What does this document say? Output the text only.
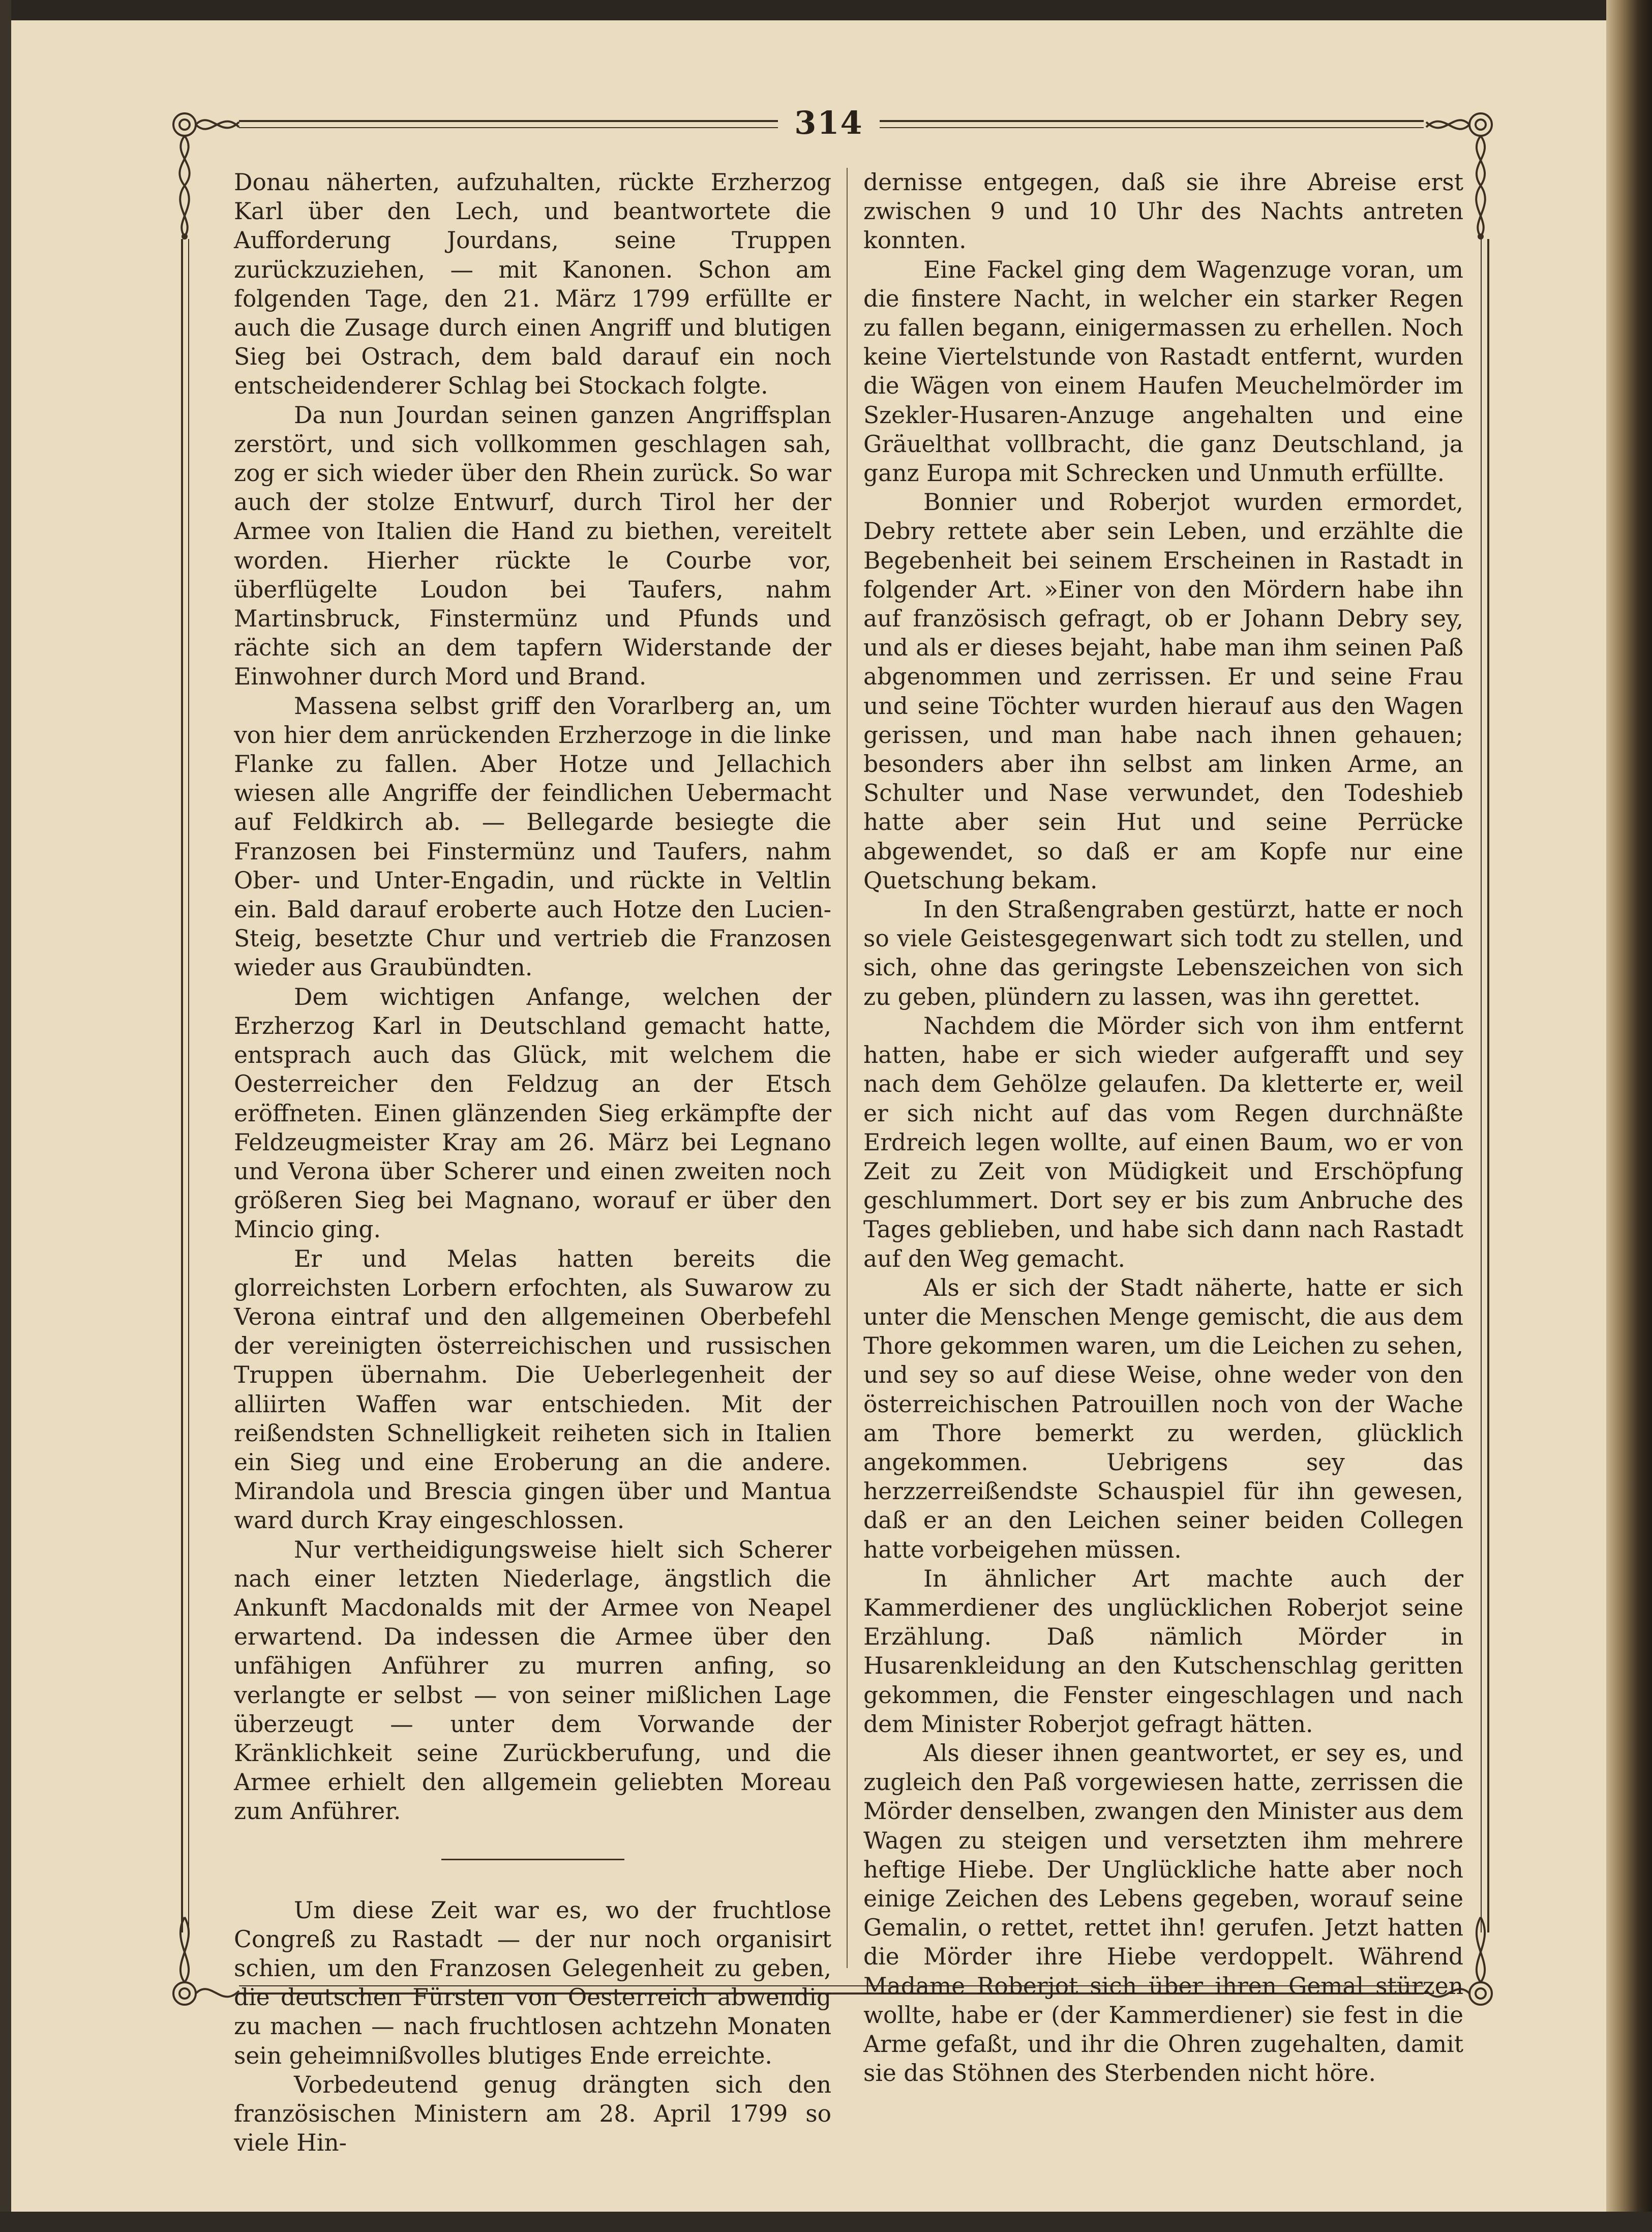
314

Donau näherten, aufzuhalten, rückte Erzherzog Karl über den Lech, und beantwortete die Aufforderung Jourdans, seine Truppen zurückzuziehen, — mit Kanonen. Schon am folgenden Tage, den 21. März 1799 erfüllte er auch die Zusage durch einen Angriff und blutigen Sieg bei Ostrach, dem bald darauf ein noch entscheidenderer Schlag bei Stockach folgte.

Da nun Jourdan seinen ganzen Angriffsplan zerstört, und sich vollkommen geschlagen sah, zog er sich wieder über den Rhein zurück. So war auch der stolze Entwurf, durch Tirol her der Armee von Italien die Hand zu biethen, vereitelt worden. Hierher rückte le Courbe vor, überflügelte Loudon bei Taufers, nahm Martinsbruck, Finstermünz und Pfunds und rächte sich an dem tapfern Widerstande der Einwohner durch Mord und Brand.

Massena selbst griff den Vorarlberg an, um von hier dem anrückenden Erzherzoge in die linke Flanke zu fallen. Aber Hotze und Jellachich wiesen alle Angriffe der feindlichen Uebermacht auf Feldkirch ab. — Bellegarde besiegte die Franzosen bei Finstermünz und Taufers, nahm Ober- und Unter-Engadin, und rückte in Veltlin ein. Bald darauf eroberte auch Hotze den Lucien-Steig, besetzte Chur und vertrieb die Franzosen wieder aus Graubündten.

Dem wichtigen Anfange, welchen der Erzherzog Karl in Deutschland gemacht hatte, entsprach auch das Glück, mit welchem die Oesterreicher den Feldzug an der Etsch eröffneten. Einen glänzenden Sieg erkämpfte der Feldzeugmeister Kray am 26. März bei Legnano und Verona über Scherer und einen zweiten noch größeren Sieg bei Magnano, worauf er über den Mincio ging.

Er und Melas hatten bereits die glorreichsten Lorbern erfochten, als Suwarow zu Verona eintraf und den allgemeinen Oberbefehl der vereinigten österreichischen und russischen Truppen übernahm. Die Ueberlegenheit der alliirten Waffen war entschieden. Mit der reißendsten Schnelligkeit reiheten sich in Italien ein Sieg und eine Eroberung an die andere. Mirandola und Brescia gingen über und Mantua ward durch Kray eingeschlossen.

Nur vertheidigungsweise hielt sich Scherer nach einer letzten Niederlage, ängstlich die Ankunft Macdonalds mit der Armee von Neapel erwartend. Da indessen die Armee über den unfähigen Anführer zu murren anfing, so verlangte er selbst — von seiner mißlichen Lage überzeugt — unter dem Vorwande der Kränklichkeit seine Zurückberufung, und die Armee erhielt den allgemein geliebten Moreau zum Anführer.

Um diese Zeit war es, wo der fruchtlose Congreß zu Rastadt — der nur noch organisirt schien, um den Franzosen Gelegenheit zu geben, die deutschen Fürsten von Oesterreich abwendig zu machen — nach fruchtlosen achtzehn Monaten sein geheimnißvolles blutiges Ende erreichte.

Vorbedeutend genug drängten sich den französischen Ministern am 28. April 1799 so viele Hin-

dernisse entgegen, daß sie ihre Abreise erst zwischen 9 und 10 Uhr des Nachts antreten konnten.

Eine Fackel ging dem Wagenzuge voran, um die finstere Nacht, in welcher ein starker Regen zu fallen begann, einigermassen zu erhellen. Noch keine Viertelstunde von Rastadt entfernt, wurden die Wägen von einem Haufen Meuchelmörder im Szekler-Husaren-Anzuge angehalten und eine Gräuelthat vollbracht, die ganz Deutschland, ja ganz Europa mit Schrecken und Unmuth erfüllte.

Bonnier und Roberjot wurden ermordet, Debry rettete aber sein Leben, und erzählte die Begebenheit bei seinem Erscheinen in Rastadt in folgender Art. »Einer von den Mördern habe ihn auf französisch gefragt, ob er Johann Debry sey, und als er dieses bejaht, habe man ihm seinen Paß abgenommen und zerrissen. Er und seine Frau und seine Töchter wurden hierauf aus den Wagen gerissen, und man habe nach ihnen gehauen; besonders aber ihn selbst am linken Arme, an Schulter und Nase verwundet, den Todeshieb hatte aber sein Hut und seine Perrücke abgewendet, so daß er am Kopfe nur eine Quetschung bekam.

In den Straßengraben gestürzt, hatte er noch so viele Geistesgegenwart sich todt zu stellen, und sich, ohne das geringste Lebenszeichen von sich zu geben, plündern zu lassen, was ihn gerettet.

Nachdem die Mörder sich von ihm entfernt hatten, habe er sich wieder aufgerafft und sey nach dem Gehölze gelaufen. Da kletterte er, weil er sich nicht auf das vom Regen durchnäßte Erdreich legen wollte, auf einen Baum, wo er von Zeit zu Zeit von Müdigkeit und Erschöpfung geschlummert. Dort sey er bis zum Anbruche des Tages geblieben, und habe sich dann nach Rastadt auf den Weg gemacht.

Als er sich der Stadt näherte, hatte er sich unter die Menschen Menge gemischt, die aus dem Thore gekommen waren, um die Leichen zu sehen, und sey so auf diese Weise, ohne weder von den österreichischen Patrouillen noch von der Wache am Thore bemerkt zu werden, glücklich angekommen. Uebrigens sey das herzzerreißendste Schauspiel für ihn gewesen, daß er an den Leichen seiner beiden Collegen hatte vorbeigehen müssen.

In ähnlicher Art machte auch der Kammerdiener des unglücklichen Roberjot seine Erzählung. Daß nämlich Mörder in Husarenkleidung an den Kutschenschlag geritten gekommen, die Fenster eingeschlagen und nach dem Minister Roberjot gefragt hätten.

Als dieser ihnen geantwortet, er sey es, und zugleich den Paß vorgewiesen hatte, zerrissen die Mörder denselben, zwangen den Minister aus dem Wagen zu steigen und versetzten ihm mehrere heftige Hiebe. Der Unglückliche hatte aber noch einige Zeichen des Lebens gegeben, worauf seine Gemalin, o rettet, rettet ihn! gerufen. Jetzt hatten die Mörder ihre Hiebe verdoppelt. Während Madame Roberjot sich über ihren Gemal stürzen wollte, habe er (der Kammerdiener) sie fest in die Arme gefaßt, und ihr die Ohren zugehalten, damit sie das Stöhnen des Sterbenden nicht höre.
